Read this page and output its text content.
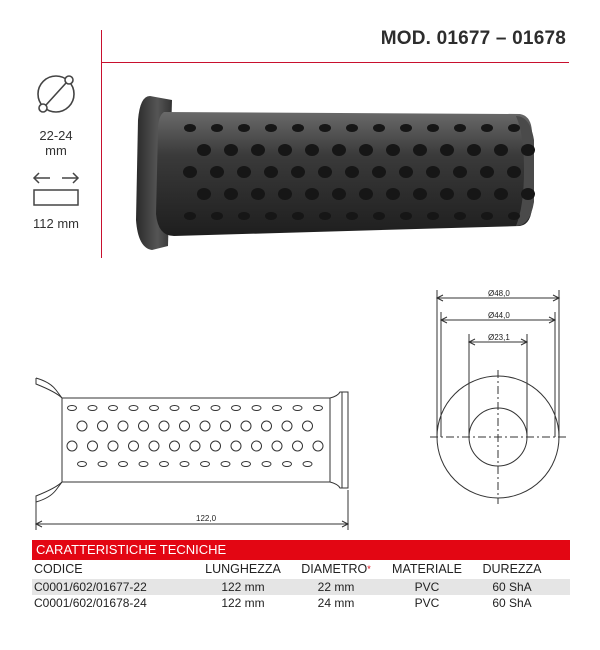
MOD. 01677 – 01678
22-24
mm
112 mm
Ø48,0
Ø44,0
Ø23,1
122,0
CARATTERISTICHE TECNICHE
CODICE	LUNGHEZZA DIAMETRO* MATERIALE DUREZZA
C0001/602/01677-22	122 mm	22 mm	PVC	60 ShA
C0001/602/01678-24	122 mm	24 mm	PVC	60 ShA
